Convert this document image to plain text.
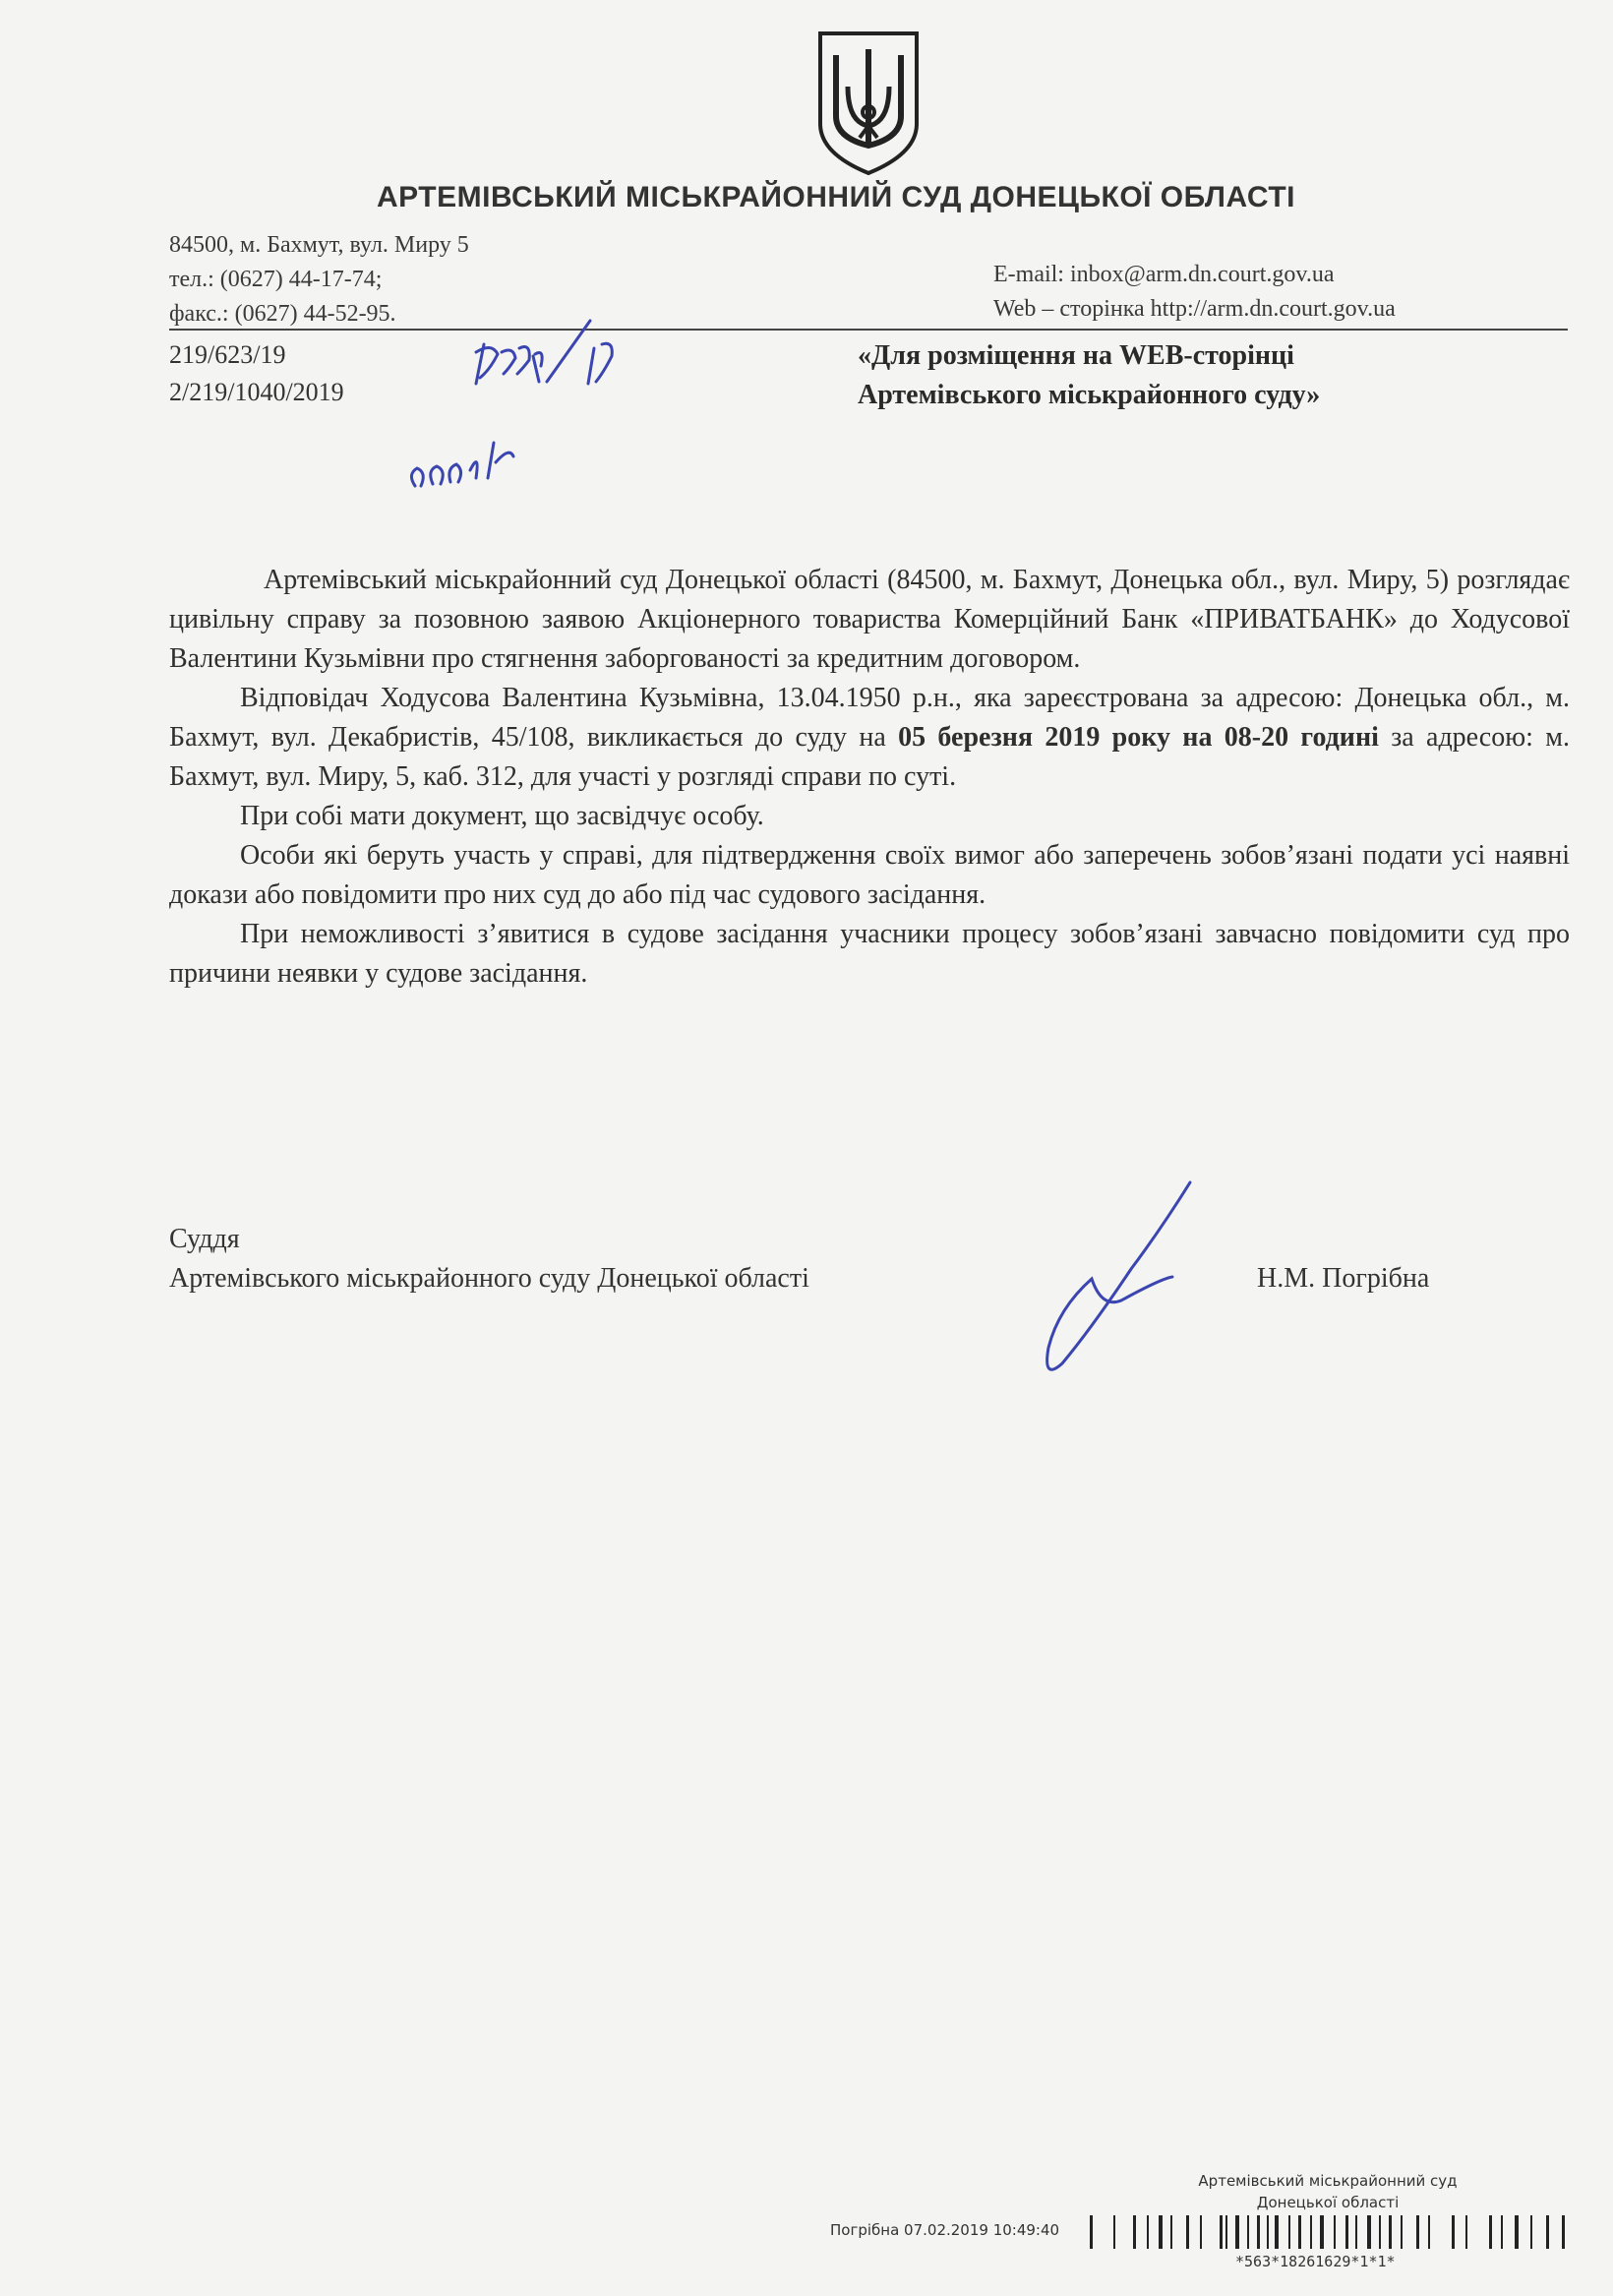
АРТЕМІВСЬКИЙ МІСЬКРАЙОННИЙ СУД ДОНЕЦЬКОЇ ОБЛАСТІ
84500, м. Бахмут, вул. Миру 5
тел.: (0627) 44-17-74;
факс.: (0627) 44-52-95.
E-mail: inbox@arm.dn.court.gov.ua
Web – сторінка http://arm.dn.court.gov.ua
219/623/19
2/219/1040/2019
«Для розміщення на WEB-сторінці
Артемівського міськрайонного суду»

Артемівський міськрайонний суд Донецької області (84500, м. Бахмут, Донецька обл., вул. Миру, 5) розглядає цивільну справу за позовною заявою Акціонерного товариства Комерційний Банк «ПРИВАТБАНК» до Ходусової Валентини Кузьмівни про стягнення заборгованості за кредитним договором.

Відповідач Ходусова Валентина Кузьмівна, 13.04.1950 р.н., яка зареєстрована за адресою: Донецька обл., м. Бахмут, вул. Декабристів, 45/108, викликається до суду на 05 березня 2019 року на 08-20 годині за адресою: м. Бахмут, вул. Миру, 5, каб. 312, для участі у розгляді справи по суті.

При собі мати документ, що засвідчує особу.

Особи які беруть участь у справі, для підтвердження своїх вимог або заперечень зобов’язані подати усі наявні докази або повідомити про них суд до або під час судового засідання.

При неможливості з’явитися в судове засідання учасники процесу зобов’язані завчасно повідомити суд про причини неявки у судове засідання.

Суддя
Артемівського міськрайонного суду Донецької області	Н.М. Погрібна
Артемівський міськрайонний суд
Донецької області
Погрібна 07.02.2019 10:49:40
*563*18261629*1*1*
